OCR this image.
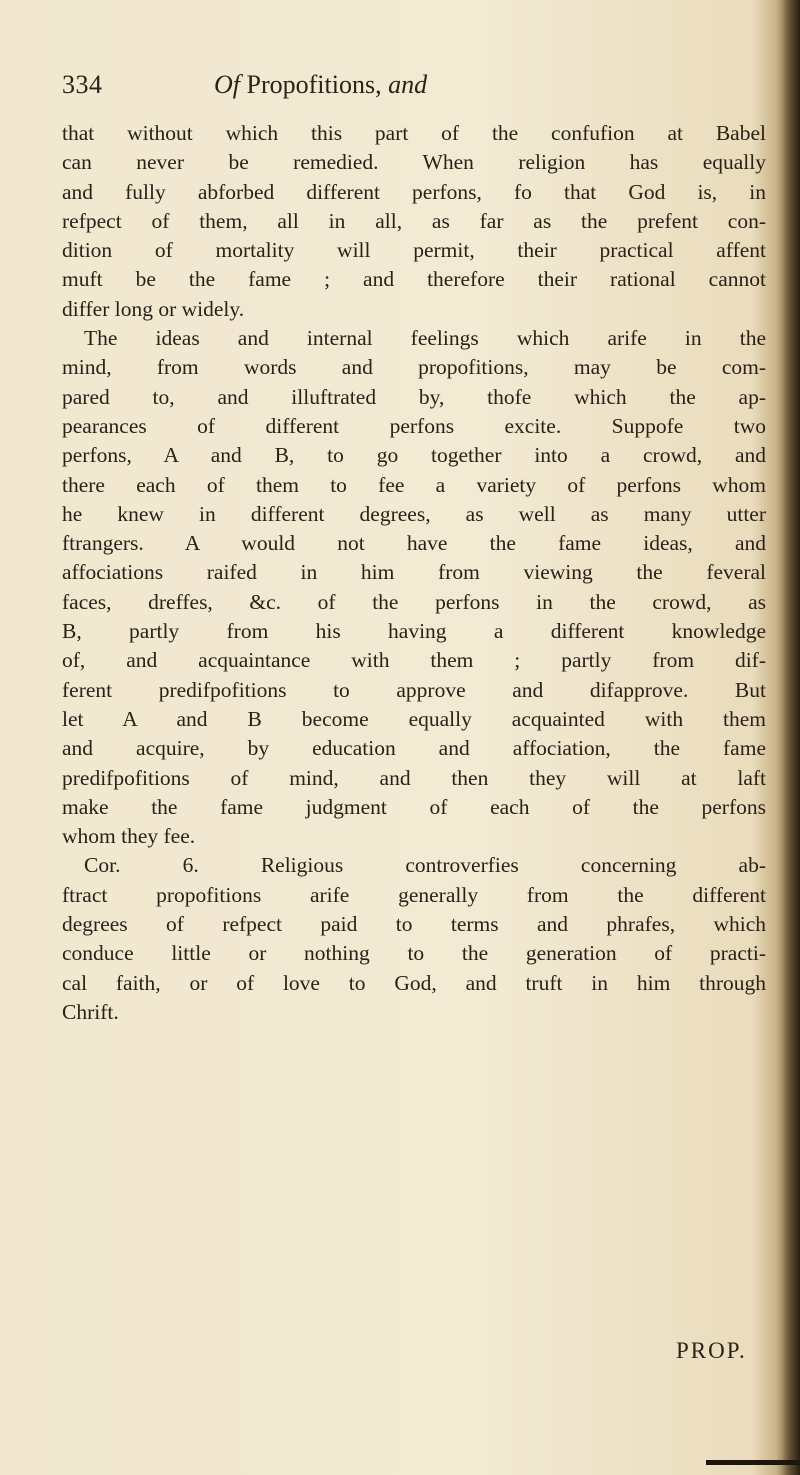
334	Of Propofitions, and
that without which this part of the confufion at Babel
can never be remedied. When religion has equally
and fully abforbed different perfons, fo that God is, in
refpect of them, all in all, as far as the prefent con-
dition of mortality will permit, their practical affent
muft be the fame ; and therefore their rational cannot
differ long or widely.
The ideas and internal feelings which arife in the
mind, from words and propofitions, may be com-
pared to, and illuftrated by, thofe which the ap-
pearances of different perfons excite. Suppofe two
perfons, A and B, to go together into a crowd, and
there each of them to fee a variety of perfons whom
he knew in different degrees, as well as many utter
ftrangers. A would not have the fame ideas, and
affociations raifed in him from viewing the feveral
faces, dreffes, &c. of the perfons in the crowd, as
B, partly from his having a different knowledge
of, and acquaintance with them ; partly from dif-
ferent predifpofitions to approve and difapprove. But
let A and B become equally acquainted with them
and acquire, by education and affociation, the fame
predifpofitions of mind, and then they will at laft
make the fame judgment of each of the perfons
whom they fee.
Cor. 6. Religious controverfies concerning ab-
ftract propofitions arife generally from the different
degrees of refpect paid to terms and phrafes, which
conduce little or nothing to the generation of practi-
cal faith, or of love to God, and truft in him through
Chrift.
PROP.
